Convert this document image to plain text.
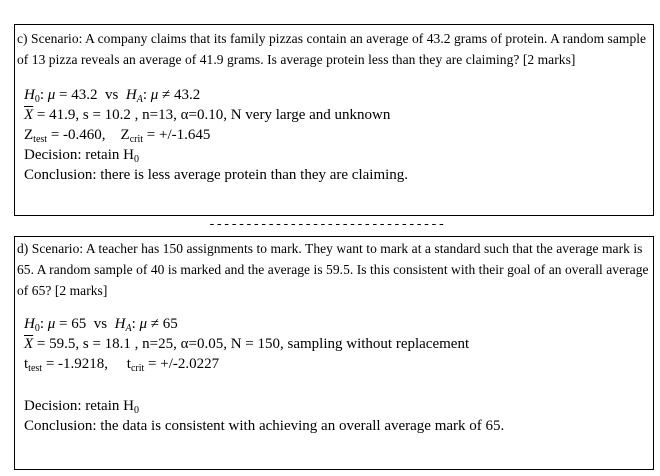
c) Scenario: A company claims that its family pizzas contain an average of 43.2 grams of protein. A random sample of 13 pizza reveals an average of 41.9 grams. Is average protein less than they are claiming? [2 marks]
$H_0$: μ = 43.2  vs  $H_A$: μ ≠ 43.2
$\overline{X} = 41.9$, s = 10.2 , n=13, α=0.10, N very large and unknown
$Z_{test} = -0.460$, $Z_{crit} = +/-1.645$
Decision: retain $H_0$
Conclusion: there is less average protein than they are claiming.
--------------------------------
d) Scenario: A teacher has 150 assignments to mark. They want to mark at a standard such that the average mark is 65. A random sample of 40 is marked and the average is 59.5. Is this consistent with their goal of an overall average of 65? [2 marks]
$H_0$: μ = 65  vs  $H_A$: μ ≠ 65
$\overline{X} = 59.5$, s = 18.1 , n=25, α=0.05, N = 150, sampling without replacement
$t_{test} = -1.9218$, $t_{crit} = +/-2.0227$
Decision: retain $H_0$
Conclusion: the data is consistent with achieving an overall average mark of 65.
